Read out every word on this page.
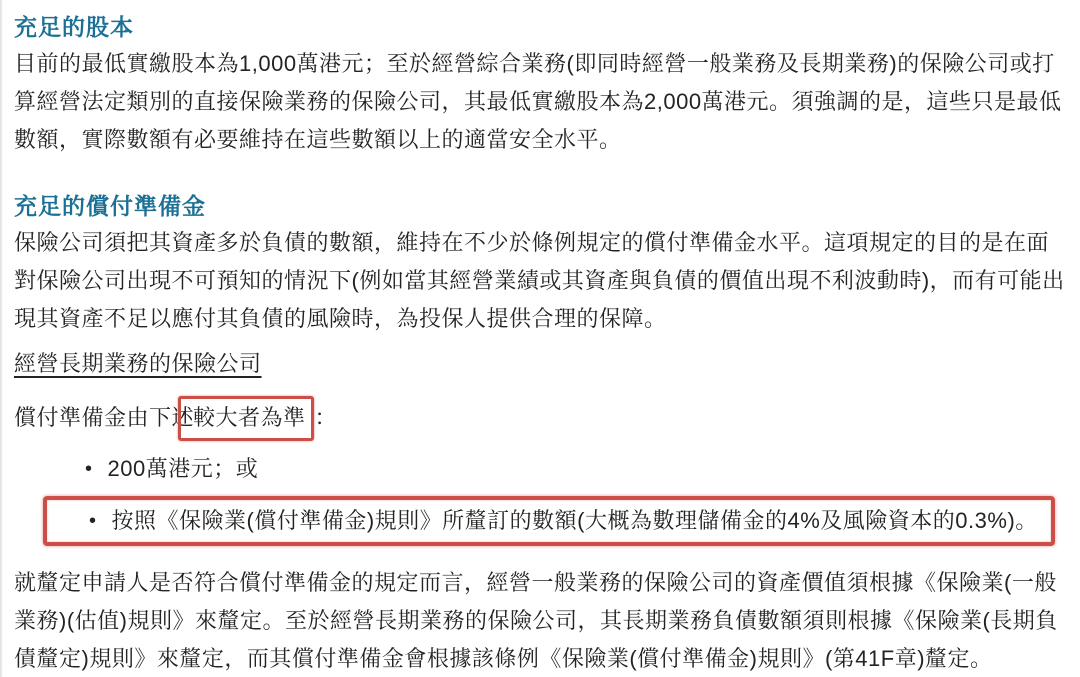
充足的股本

目前的最低實繳股本為1,000萬港元；至於經營綜合業務(即同時經營一般業務及長期業務)的保險公司或打算經營法定類別的直接保險業務的保險公司，其最低實繳股本為2,000萬港元。須強調的是，這些只是最低數額，實際數額有必要維持在這些數額以上的適當安全水平。

充足的償付準備金

保險公司須把其資產多於負債的數額，維持在不少於條例規定的償付準備金水平。這項規定的目的是在面對保險公司出現不可預知的情況下(例如當其經營業績或其資產與負債的價值出現不利波動時)，而有可能出現其資產不足以應付其負債的風險時，為投保人提供合理的保障。

經營長期業務的保險公司

償付準備金由下述較大者為準 ：

• 200萬港元；或
• 按照《保險業(償付準備金)規則》所釐訂的數額(大概為數理儲備金的4%及風險資本的0.3%)。

就釐定申請人是否符合償付準備金的規定而言，經營一般業務的保險公司的資產價值須根據《保險業(一般業務)(估值)規則》來釐定。至於經營長期業務的保險公司，其長期業務負債數額須則根據《保險業(長期負債釐定)規則》來釐定，而其償付準備金會根據該條例《保險業(償付準備金)規則》(第41F章)釐定。
